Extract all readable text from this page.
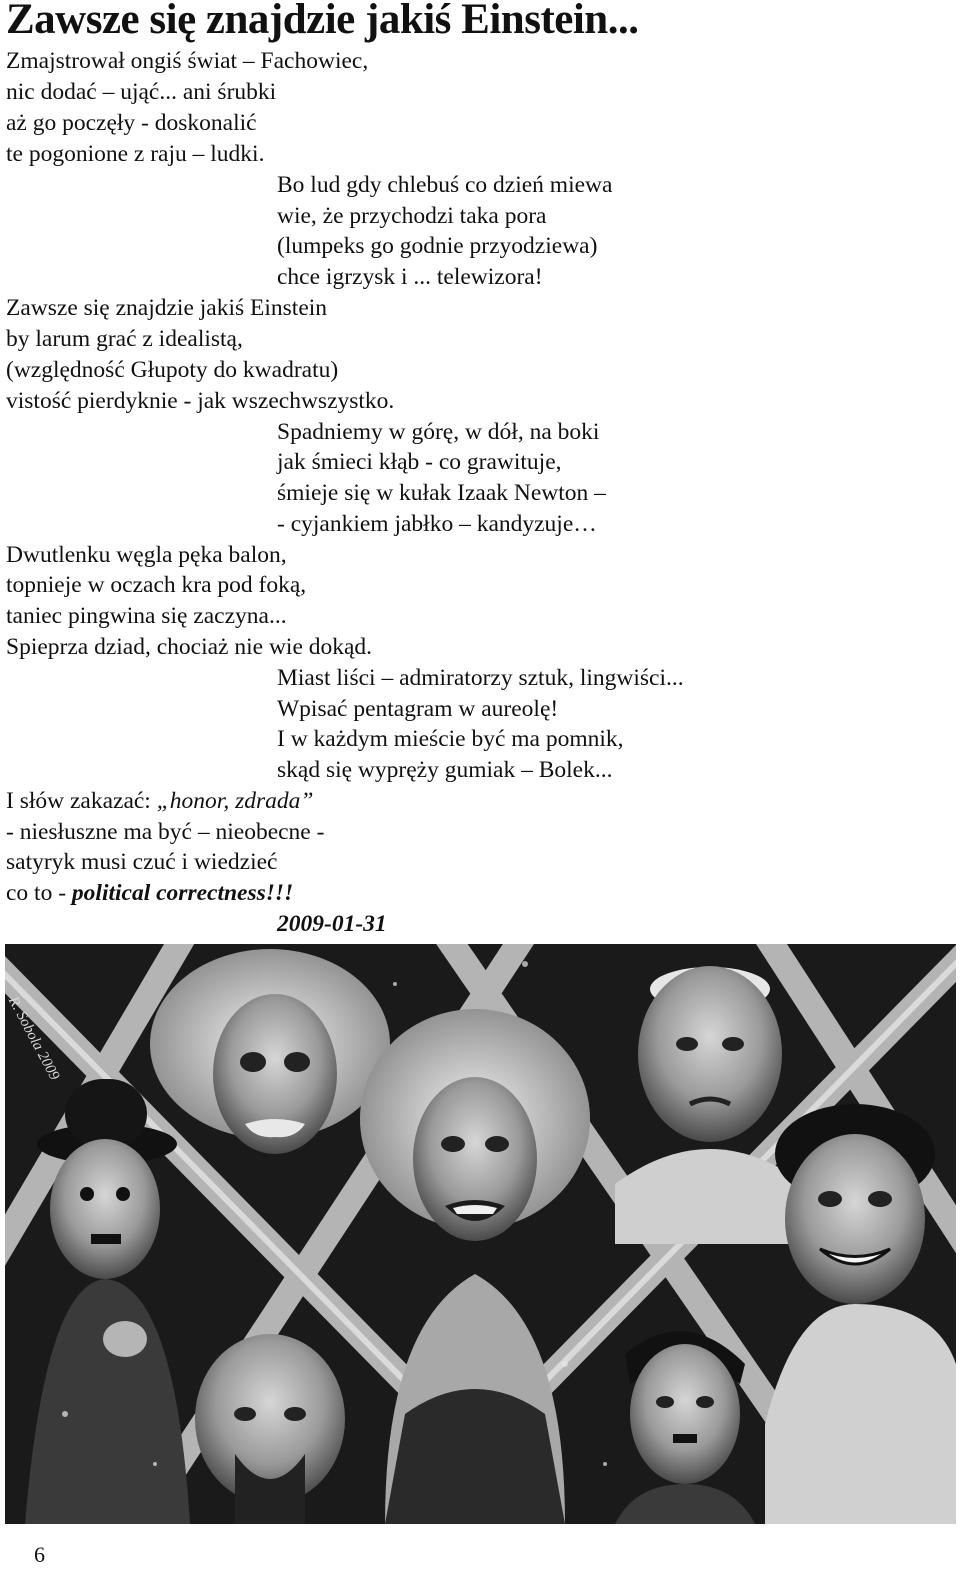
Zawsze się znajdzie jakiś Einstein...
Zmajstrował ongiś świat – Fachowiec,
nic dodać – ująć... ani śrubki
aż go poczęły - doskonalić
te pogonione z raju – ludki.
Bo lud gdy chlebuś co dzień miewa
wie, że przychodzi taka pora
(lumpeks go godnie przyodziewa)
chce igrzysk i ... telewizora!
Zawsze się znajdzie jakiś Einstein
by larum grać z idealistą,
(względność Głupoty do kwadratu)
vistość pierdyknie - jak wszechwszystko.
Spadniemy w górę, w dół, na boki
jak śmieci kłąb - co grawituje,
śmieje się w kułak Izaak Newton –
- cyjankiem jabłko – kandyzuje…
Dwutlenku węgla pęka balon,
topnieje w oczach kra pod foką,
taniec pingwina się zaczyna...
Spieprza dziad, chociaż nie wie dokąd.
Miast liści – admiratorzy sztuk, lingwiści...
Wpisać pentagram w aureolę!
I w każdym mieście być ma pomnik,
skąd się wypręży gumiak – Bolek...
I słów zakazać: „honor, zdrada”
- niesłuszne ma być – nieobecne -
satyryk musi czuć i wiedzieć
co to - political correctness!!!
2009-01-31
R. Sobola 2009
6
